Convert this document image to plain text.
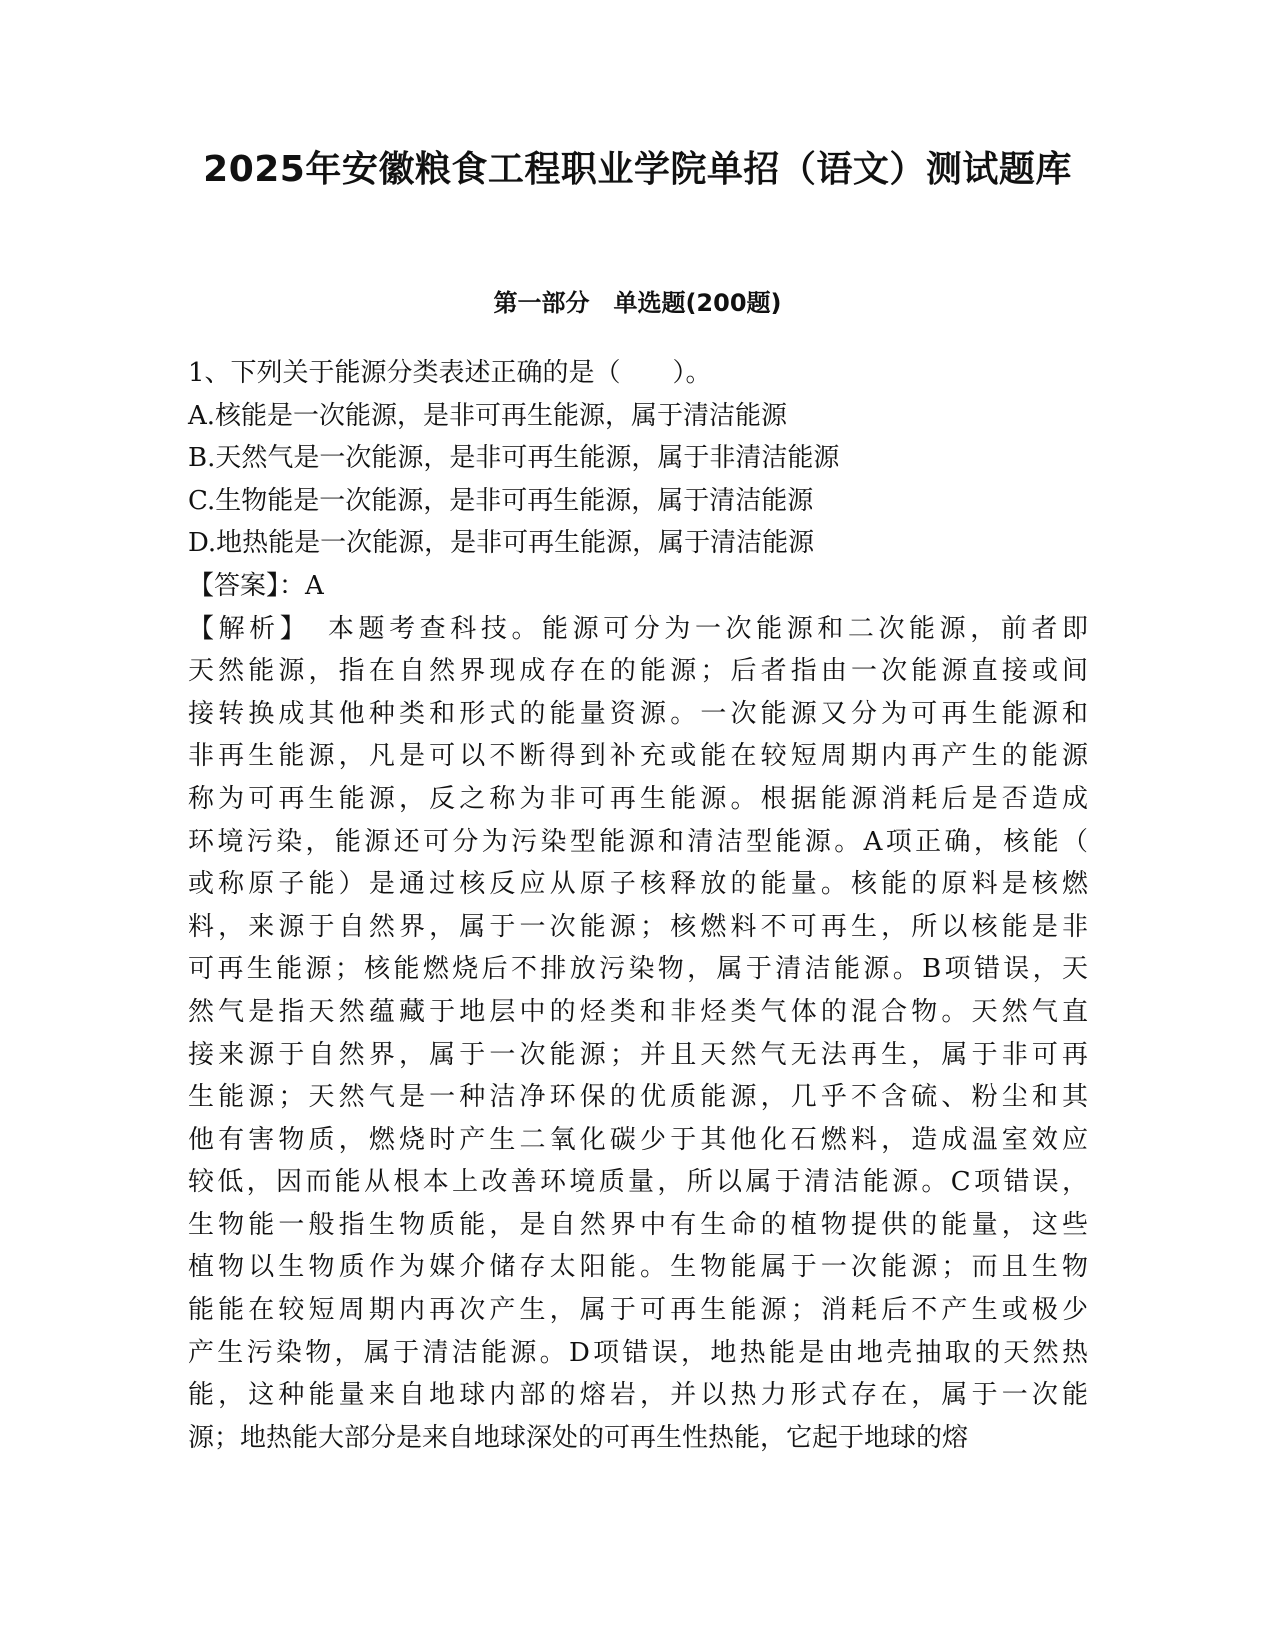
2025年安徽粮食工程职业学院单招（语文）测试题库
第一部分　单选题(200题)
1、下列关于能源分类表述正确的是（　　）。
A.核能是一次能源，是非可再生能源，属于清洁能源
B.天然气是一次能源，是非可再生能源，属于非清洁能源
C.生物能是一次能源，是非可再生能源，属于清洁能源
D.地热能是一次能源，是非可再生能源，属于清洁能源
【答案】：A
【解析】　本题考查科技。能源可分为一次能源和二次能源，前者即
天然能源，指在自然界现成存在的能源；后者指由一次能源直接或间
接转换成其他种类和形式的能量资源。一次能源又分为可再生能源和
非再生能源，凡是可以不断得到补充或能在较短周期内再产生的能源
称为可再生能源，反之称为非可再生能源。根据能源消耗后是否造成
环境污染，能源还可分为污染型能源和清洁型能源。A项正确，核能（
或称原子能）是通过核反应从原子核释放的能量。核能的原料是核燃
料，来源于自然界，属于一次能源；核燃料不可再生，所以核能是非
可再生能源；核能燃烧后不排放污染物，属于清洁能源。B项错误，天
然气是指天然蕴藏于地层中的烃类和非烃类气体的混合物。天然气直
接来源于自然界，属于一次能源；并且天然气无法再生，属于非可再
生能源；天然气是一种洁净环保的优质能源，几乎不含硫、粉尘和其
他有害物质，燃烧时产生二氧化碳少于其他化石燃料，造成温室效应
较低，因而能从根本上改善环境质量，所以属于清洁能源。C项错误，
生物能一般指生物质能，是自然界中有生命的植物提供的能量，这些
植物以生物质作为媒介储存太阳能。生物能属于一次能源；而且生物
能能在较短周期内再次产生，属于可再生能源；消耗后不产生或极少
产生污染物，属于清洁能源。D项错误，地热能是由地壳抽取的天然热
能，这种能量来自地球内部的熔岩，并以热力形式存在，属于一次能
源；地热能大部分是来自地球深处的可再生性热能，它起于地球的熔
